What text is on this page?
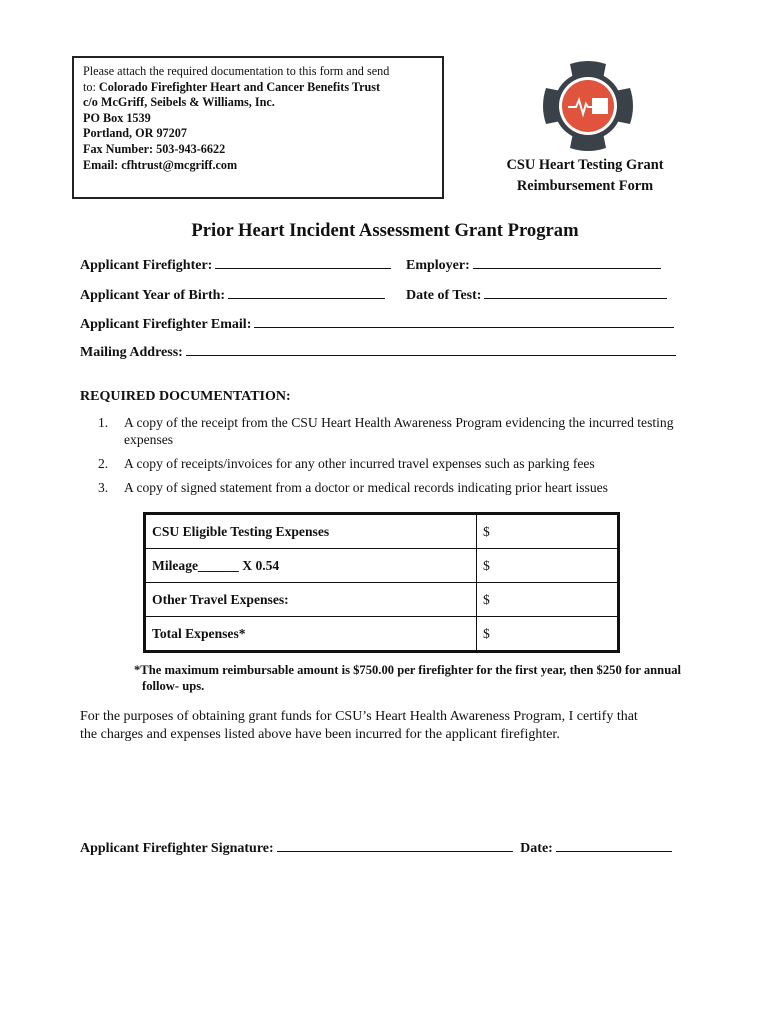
Please attach the required documentation to this form and send
to: Colorado Firefighter Heart and Cancer Benefits Trust
c/o McGriff, Seibels & Williams, Inc.
PO Box 1539
Portland, OR 97207
Fax Number: 503-943-6622
Email: cfhtrust@mcgriff.com	CSU Heart Testing Grant
Reimbursement Form
Prior Heart Incident Assessment Grant Program
Applicant Firefighter:	Employer:
Applicant Year of Birth:	Date of Test:
Applicant Firefighter Email:
Mailing Address:
REQUIRED DOCUMENTATION:
1.	A copy of the receipt from the CSU Heart Health Awareness Program evidencing the incurred testing
expenses
2.	A copy of receipts/invoices for any other incurred travel expenses such as parking fees
3.	A copy of signed statement from a doctor or medical records indicating prior heart issues
CSU Eligible Testing Expenses	$
Mileage______ X 0.54	$
Other Travel Expenses:	$
Total Expenses*	$
*The maximum reimbursable amount is $750.00 per firefighter for the first year, then $250 for annual
follow- ups.
For the purposes of obtaining grant funds for CSU’s Heart Health Awareness Program, I certify that
the charges and expenses listed above have been incurred for the applicant firefighter.
Applicant Firefighter Signature:	Date:
